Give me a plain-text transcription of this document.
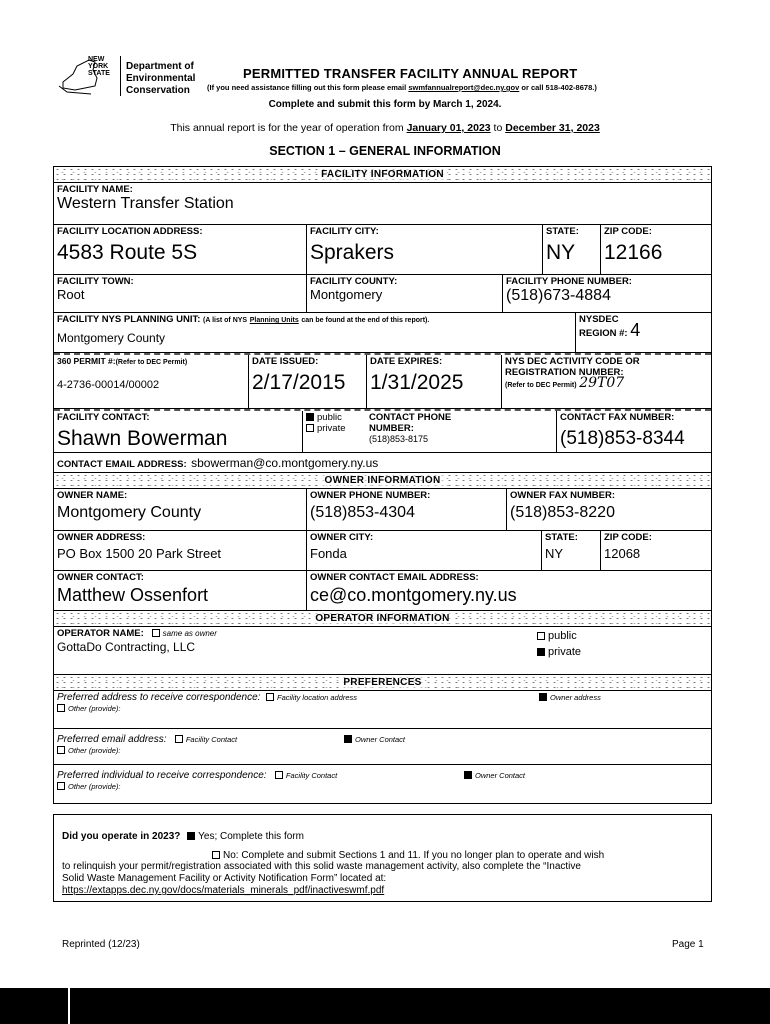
NEW
YORK
STATE
Department of
Environmental
Conservation
PERMITTED TRANSFER FACILITY ANNUAL REPORT
(If you need assistance filling out this form please email swmfannualreport@dec.ny.gov or call 518-402-8678.)
Complete and submit this form by March 1, 2024.
This annual report is for the year of operation from January 01, 2023 to December 31, 2023
SECTION 1 – GENERAL INFORMATION
FACILITY INFORMATION
FACILITY NAME:
Western Transfer Station
FACILITY LOCATION ADDRESS:
4583 Route 5S
FACILITY CITY:
Sprakers
STATE:
NY
ZIP CODE:
12166
FACILITY TOWN:
Root
FACILITY COUNTY:
Montgomery
FACILITY PHONE NUMBER:
(518)673-4884
FACILITY NYS PLANNING UNIT: (A list of NYS Planning Units can be found at the end of this report).
Montgomery County
NYSDEC
REGION #: 4
360 PERMIT #:(Refer to DEC Permit)
4-2736-00014/00002
DATE ISSUED:
2/17/2015
DATE EXPIRES:
1/31/2025
NYS DEC ACTIVITY CODE OR REGISTRATION NUMBER:
(Refer to DEC Permit) 29T07
FACILITY CONTACT:
Shawn Bowerman
public
private
CONTACT PHONE NUMBER:
(518)853-8175
CONTACT FAX NUMBER:
(518)853-8344
CONTACT EMAIL ADDRESS: sbowerman@co.montgomery.ny.us
OWNER INFORMATION
OWNER NAME:
Montgomery County
OWNER PHONE NUMBER:
(518)853-4304
OWNER FAX NUMBER:
(518)853-8220
OWNER ADDRESS:
PO Box 1500 20 Park Street
OWNER CITY:
Fonda
STATE:
NY
ZIP CODE:
12068
OWNER CONTACT:
Matthew Ossenfort
OWNER CONTACT EMAIL ADDRESS:
ce@co.montgomery.ny.us
OPERATOR INFORMATION
OPERATOR NAME: same as owner
GottaDo Contracting, LLC
public
private
PREFERENCES
Preferred address to receive correspondence: Facility location address	Owner address
Other (provide):
Preferred email address:	Facility Contact	Owner Contact
Other (provide):
Preferred individual to receive correspondence:	Facility Contact	Owner Contact
Other (provide):
Did you operate in 2023? Yes; Complete this form
No: Complete and submit Sections 1 and 11. If you no longer plan to operate and wish
to relinquish your permit/registration associated with this solid waste management activity, also complete the “Inactive
Solid Waste Management Facility or Activity Notification Form” located at:
https://extapps.dec.ny.gov/docs/materials_minerals_pdf/inactiveswmf.pdf
Reprinted (12/23)	Page 1
